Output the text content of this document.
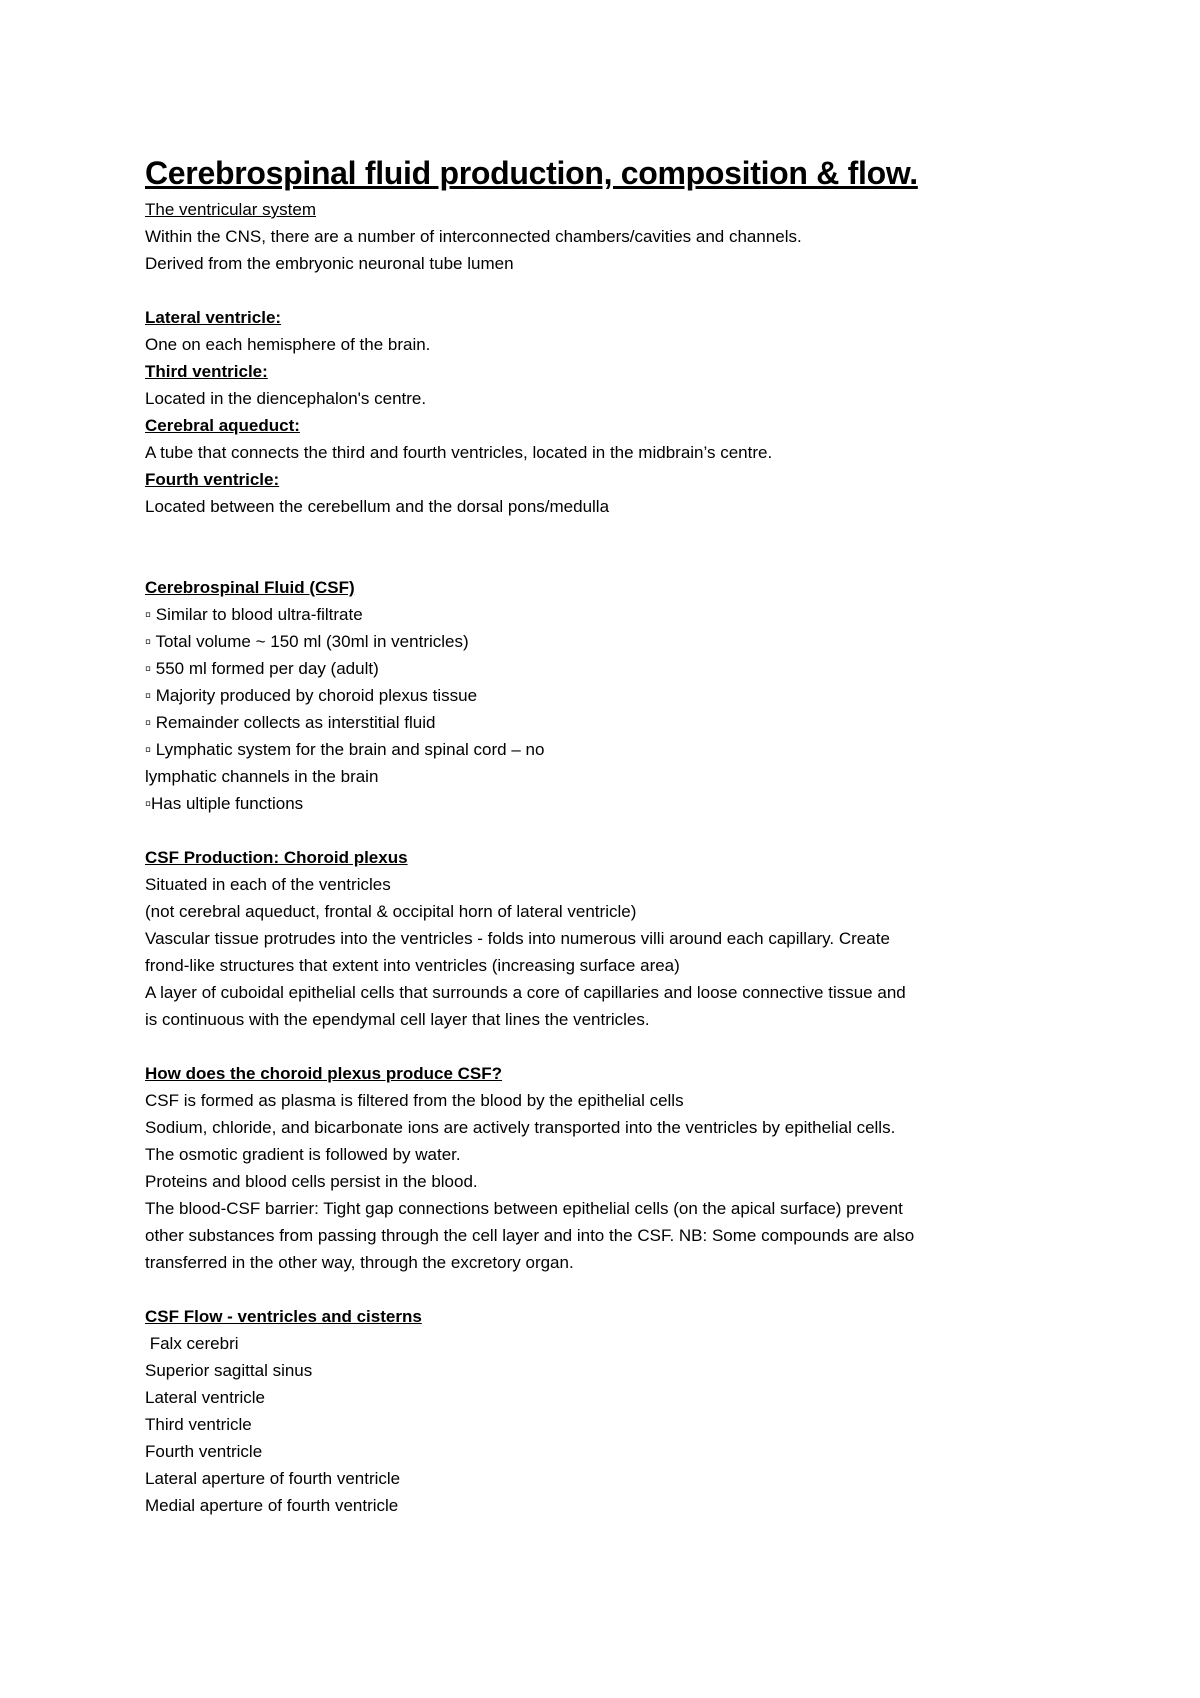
Cerebrospinal fluid production, composition & flow.

The ventricular system

Within the CNS, there are a number of interconnected chambers/cavities and channels.

Derived from the embryonic neuronal tube lumen

Lateral ventricle:

One on each hemisphere of the brain.

Third ventricle:

Located in the diencephalon's centre.

Cerebral aqueduct:

A tube that connects the third and fourth ventricles, located in the midbrain’s centre.

Fourth ventricle:

Located between the cerebellum and the dorsal pons/medulla

Cerebrospinal Fluid (CSF)

▫ Similar to blood ultra-filtrate

▫ Total volume ~ 150 ml (30ml in ventricles)

▫ 550 ml formed per day (adult)

▫ Majority produced by choroid plexus tissue

▫ Remainder collects as interstitial fluid

▫ Lymphatic system for the brain and spinal cord – no

lymphatic channels in the brain

▫Has ultiple functions

CSF Production: Choroid plexus

Situated in each of the ventricles

(not cerebral aqueduct, frontal & occipital horn of lateral ventricle)

Vascular tissue protrudes into the ventricles - folds into numerous villi around each capillary. Create

frond-like structures that extent into ventricles (increasing surface area)

A layer of cuboidal epithelial cells that surrounds a core of capillaries and loose connective tissue and

is continuous with the ependymal cell layer that lines the ventricles.

How does the choroid plexus produce CSF?

CSF is formed as plasma is filtered from the blood by the epithelial cells

Sodium, chloride, and bicarbonate ions are actively transported into the ventricles by epithelial cells.

The osmotic gradient is followed by water.

Proteins and blood cells persist in the blood.

The blood-CSF barrier: Tight gap connections between epithelial cells (on the apical surface) prevent

other substances from passing through the cell layer and into the CSF. NB: Some compounds are also

transferred in the other way, through the excretory organ.

CSF Flow - ventricles and cisterns

Falx cerebri

Superior sagittal sinus

Lateral ventricle

Third ventricle

Fourth ventricle

Lateral aperture of fourth ventricle

Medial aperture of fourth ventricle
